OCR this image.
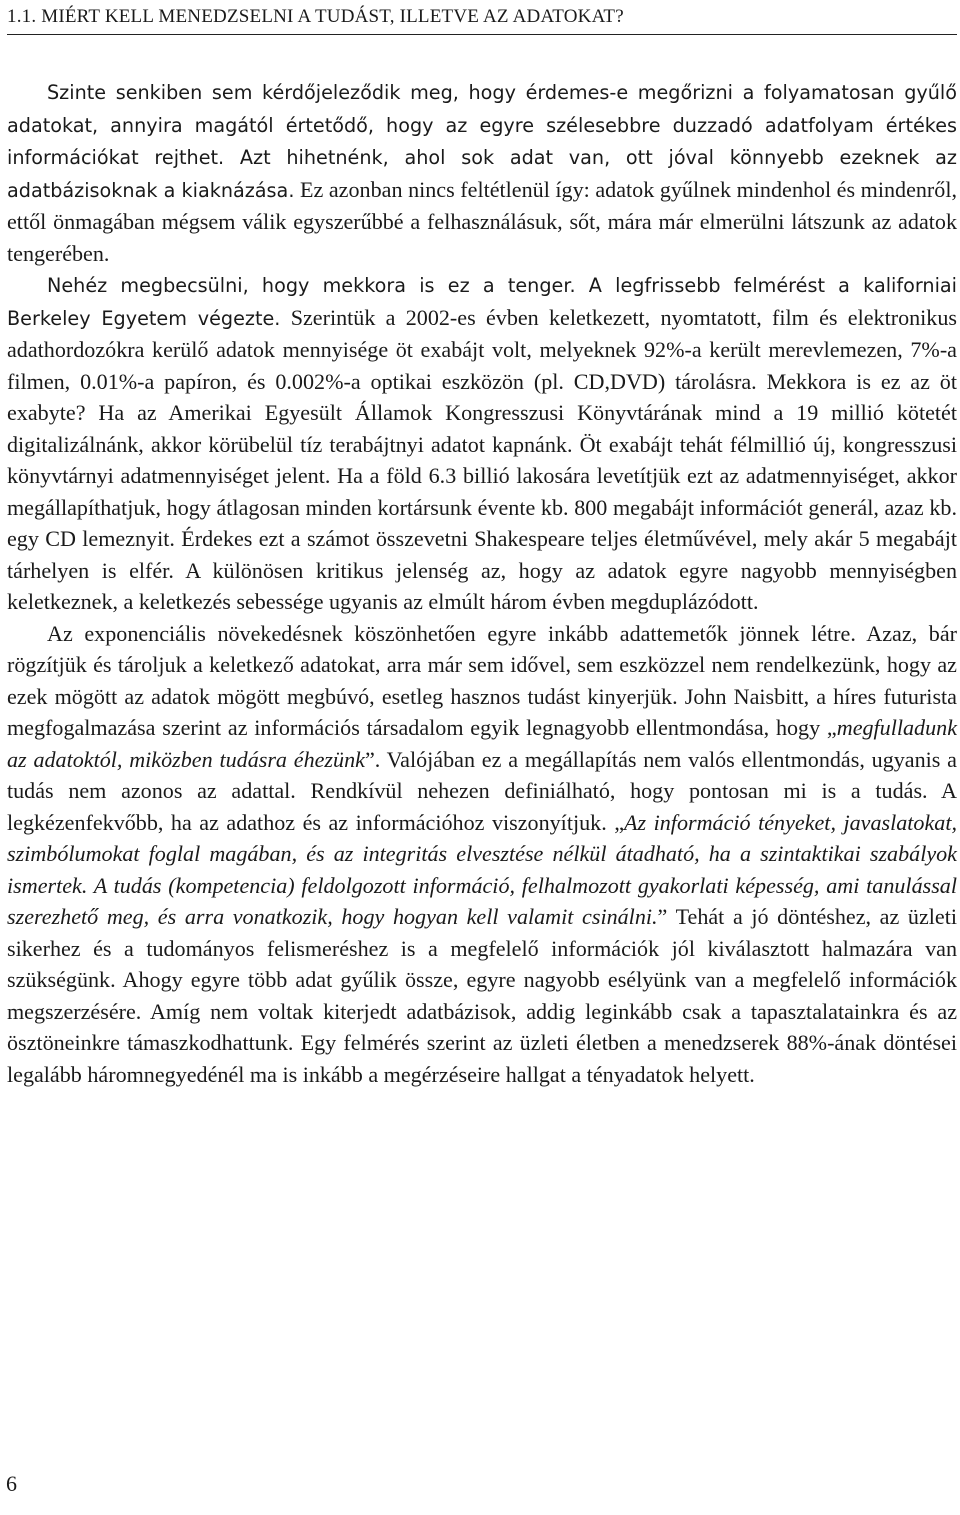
1.1. MIÉRT KELL MENEDZSELNI A TUDÁST, ILLETVE AZ ADATOKAT?

Szinte senkiben sem kérdőjeleződik meg, hogy érdemes-e megőrizni a folyamatosan gyűlő adatokat, annyira magától értetődő, hogy az egyre szélesebbre duzzadó adatfolyam értékes információkat rejthet. Azt hihetnénk, ahol sok adat van, ott jóval könnyebb ezeknek az adatbázisoknak a kiaknázása. Ez azonban nincs feltétlenül így: adatok gyűlnek mindenhol és mindenről, ettől önmagában mégsem válik egyszerűbbé a felhasználásuk, sőt, mára már elmerülni látszunk az adatok tengerében.

Nehéz megbecsülni, hogy mekkora is ez a tenger. A legfrissebb felmérést a kaliforniai Berkeley Egyetem végezte. Szerintük a 2002-es évben keletkezett, nyomtatott, film és elektronikus adathordozókra kerülő adatok mennyisége öt exabájt volt, melyeknek 92%-a került merevlemezen, 7%-a filmen, 0.01%-a papíron, és 0.002%-a optikai eszközön (pl. CD,DVD) tárolásra. Mekkora is ez az öt exabyte? Ha az Amerikai Egyesült Államok Kongresszusi Könyvtárának mind a 19 millió kötetét digitalizálnánk, akkor körübelül tíz terabájtnyi adatot kapnánk. Öt exabájt tehát félmillió új, kongresszusi könyvtárnyi adatmennyiséget jelent. Ha a föld 6.3 billió lakosára levetítjük ezt az adatmennyiséget, akkor megállapíthatjuk, hogy átlagosan minden kortársunk évente kb. 800 megabájt információt generál, azaz kb. egy CD lemeznyit. Érdekes ezt a számot összevetni Shakespeare teljes életművével, mely akár 5 megabájt tárhelyen is elfér. A különösen kritikus jelenség az, hogy az adatok egyre nagyobb mennyiségben keletkeznek, a keletkezés sebessége ugyanis az elmúlt három évben megduplázódott.

Az exponenciális növekedésnek köszönhetően egyre inkább adattemetők jönnek létre. Azaz, bár rögzítjük és tároljuk a keletkező adatokat, arra már sem idővel, sem eszközzel nem rendelkezünk, hogy az ezek mögött az adatok mögött megbúvó, esetleg hasznos tudást kinyerjük. John Naisbitt, a híres futurista megfogalmazása szerint az információs társadalom egyik legnagyobb ellentmondása, hogy „megfulladunk az adatoktól, miközben tudásra éhezünk”. Valójában ez a megállapítás nem valós ellentmondás, ugyanis a tudás nem azonos az adattal. Rendkívül nehezen definiálható, hogy pontosan mi is a tudás. A legkézenfekvőbb, ha az adathoz és az információhoz viszonyítjuk. „Az információ tényeket, javaslatokat, szimbólumokat foglal magában, és az integritás elvesztése nélkül átadható, ha a szintaktikai szabályok ismertek. A tudás (kompetencia) feldolgozott információ, felhalmozott gyakorlati képesség, ami tanulással szerezhető meg, és arra vonatkozik, hogy hogyan kell valamit csinálni.” Tehát a jó döntéshez, az üzleti sikerhez és a tudományos felismeréshez is a megfelelő információk jól kiválasztott halmazára van szükségünk. Ahogy egyre több adat gyűlik össze, egyre nagyobb esélyünk van a megfelelő információk megszerzésére. Amíg nem voltak kiterjedt adatbázisok, addig leginkább csak a tapasztalatainkra és az ösztöneinkre támaszkodhattunk. Egy felmérés szerint az üzleti életben a menedzserek 88%-ának döntései legalább háromnegyedénél ma is inkább a megérzéseire hallgat a tényadatok helyett.

6
